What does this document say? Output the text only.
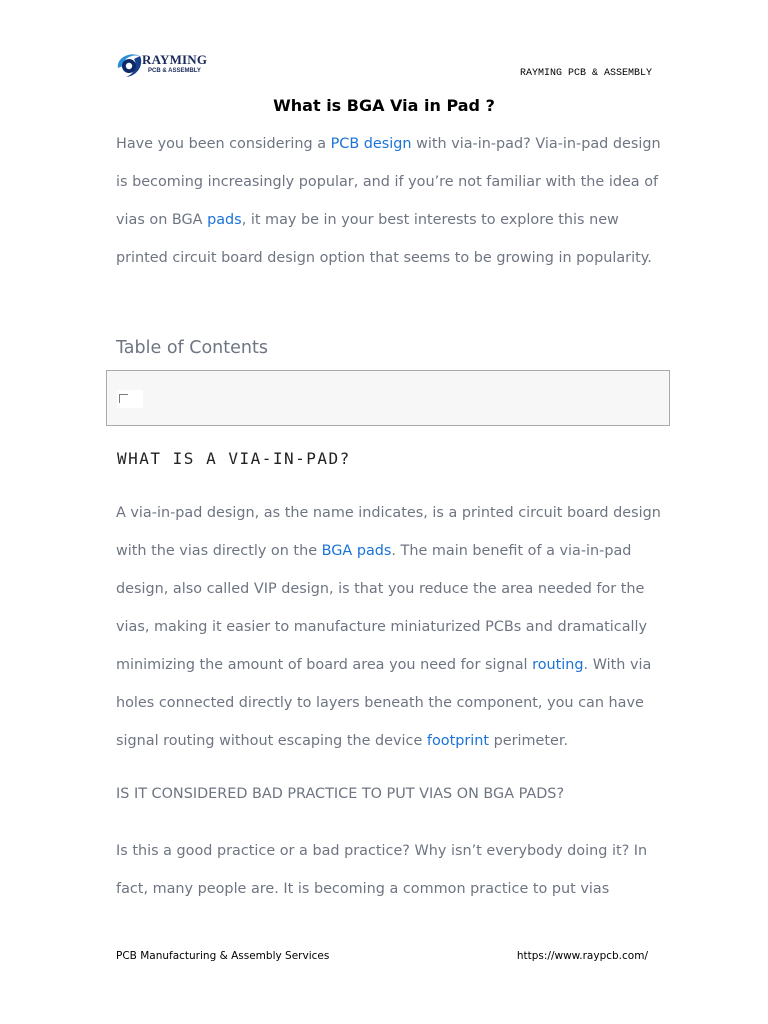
RAYMING
PCB & ASSEMBLY	RAYMING PCB & ASSEMBLY
What is BGA Via in Pad ?

Have you been considering a PCB design with via-in-pad? Via-in-pad design is becoming increasingly popular, and if you’re not familiar with the idea of vias on BGA pads, it may be in your best interests to explore this new printed circuit board design option that seems to be growing in popularity.

Table of Contents
WHAT IS A VIA-IN-PAD?

A via-in-pad design, as the name indicates, is a printed circuit board design with the vias directly on the BGA pads. The main benefit of a via-in-pad design, also called VIP design, is that you reduce the area needed for the vias, making it easier to manufacture miniaturized PCBs and dramatically minimizing the amount of board area you need for signal routing. With via holes connected directly to layers beneath the component, you can have signal routing without escaping the device footprint perimeter.

IS IT CONSIDERED BAD PRACTICE TO PUT VIAS ON BGA PADS?

Is this a good practice or a bad practice? Why isn’t everybody doing it? In fact, many people are. It is becoming a common practice to put vias

PCB Manufacturing & Assembly Services	https://www.raypcb.com/
